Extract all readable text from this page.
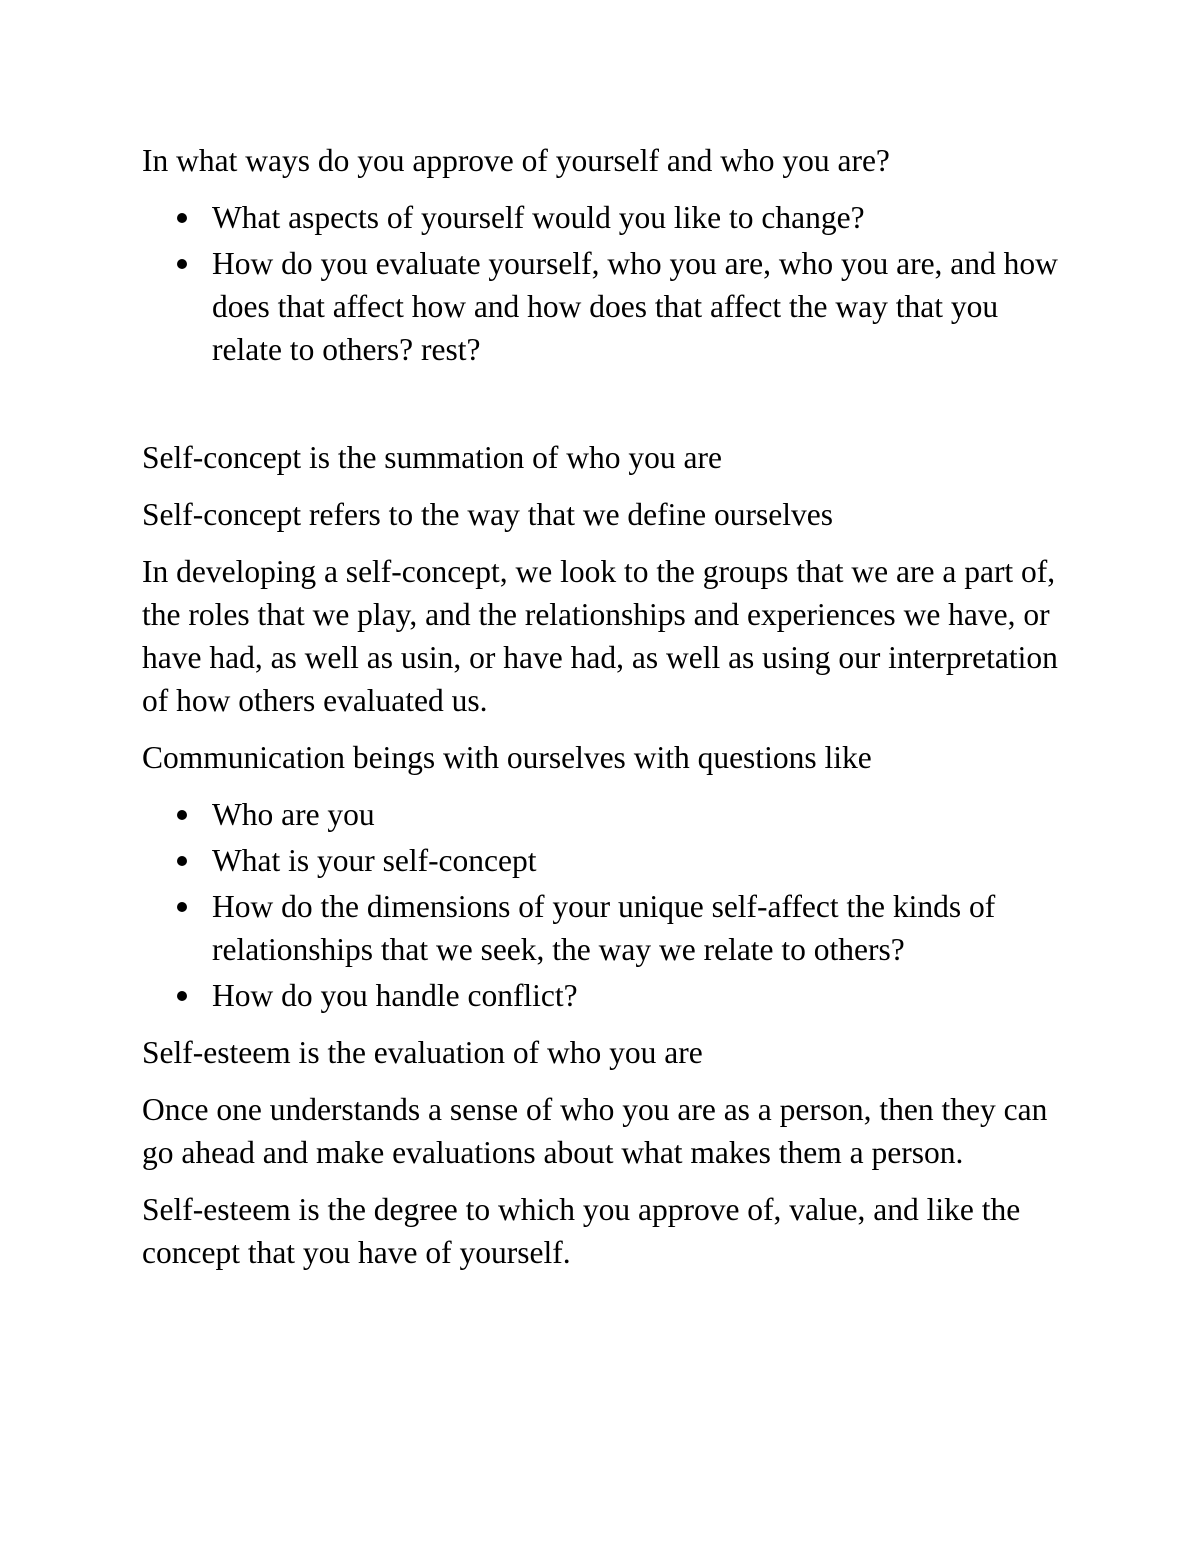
In what ways do you approve of yourself and who you are?

What aspects of yourself would you like to change?
How do you evaluate yourself, who you are, who you are, and how does that affect how and how does that affect the way that you relate to others? rest?

Self-concept is the summation of who you are

Self-concept refers to the way that we define ourselves

In developing a self-concept, we look to the groups that we are a part of, the roles that we play, and the relationships and experiences we have, or have had, as well as usin, or have had, as well as using our interpretation of how others evaluated us.

Communication beings with ourselves with questions like

Who are you
What is your self-concept
How do the dimensions of your unique self-affect the kinds of relationships that we seek, the way we relate to others?
How do you handle conflict?

Self-esteem is the evaluation of who you are

Once one understands a sense of who you are as a person, then they can go ahead and make evaluations about what makes them a person.

Self-esteem is the degree to which you approve of, value, and like the concept that you have of yourself.
